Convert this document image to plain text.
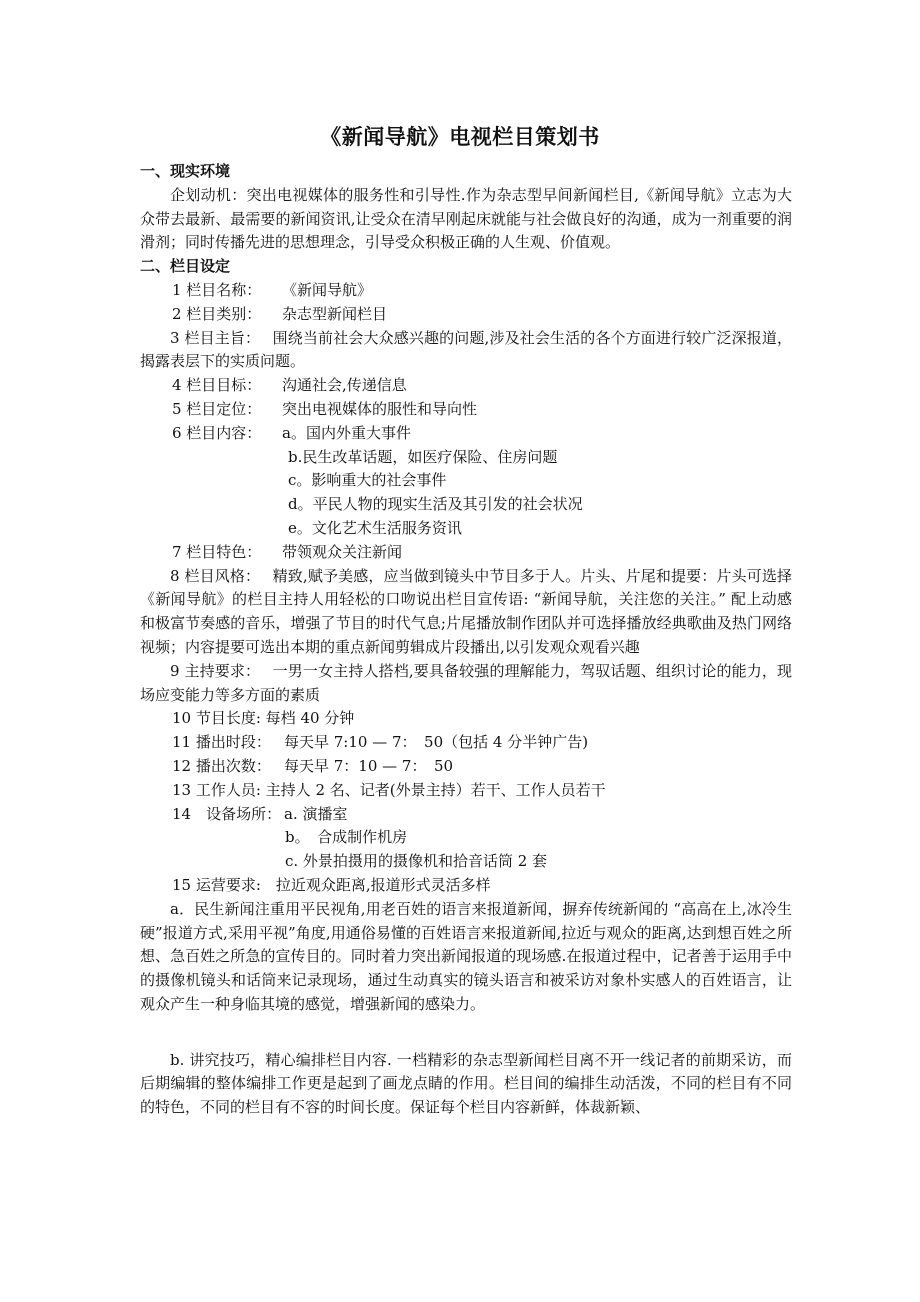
《新闻导航》电视栏目策划书
一、现实环境
企划动机：突出电视媒体的服务性和引导性.作为杂志型早间新闻栏目,《新闻导航》立志为大众带去最新、最需要的新闻资讯,让受众在清早刚起床就能与社会做良好的沟通，成为一剂重要的润滑剂；同时传播先进的思想理念，引导受众积极正确的人生观、价值观。
二、栏目设定
1 栏目名称： 《新闻导航》
2 栏目类别： 杂志型新闻栏目
3 栏目主旨：　 围绕当前社会大众感兴趣的问题,涉及社会生活的各个方面进行较广泛深报道，揭露表层下的实质问题。
4 栏目目标： 沟通社会,传递信息
5 栏目定位： 突出电视媒体的服性和导向性
6 栏目内容： a。国内外重大事件
b.民生改革话题，如医疗保险、住房问题
c。影响重大的社会事件
d。平民人物的现实生活及其引发的社会状况
e。文化艺术生活服务资讯
7 栏目特色： 带领观众关注新闻
8 栏目风格：　 精致,赋予美感，应当做到镜头中节目多于人。片头、片尾和提要：片头可选择《新闻导航》的栏目主持人用轻松的口吻说出栏目宣传语: “新闻导航，关注您的关注。” 配上动感和极富节奏感的音乐，增强了节目的时代气息;片尾播放制作团队并可选择播放经典歌曲及热门网络视频；内容提要可选出本期的重点新闻剪辑成片段播出,以引发观众观看兴趣
9 主持要求：　 一男一女主持人搭档,要具备较强的理解能力，驾驭话题、组织讨论的能力，现场应变能力等多方面的素质
10 节目长度: 每档 40 分钟
11 播出时段： 每天早 7:10 — 7：　50（包括 4 分半钟广告)
12 播出次数： 每天早 7：10 — 7：　50
13 工作人员: 主持人 2 名、记者(外景主持）若干、工作人员若干
14　设备场所： a. 演播室
b。　合成制作机房
c. 外景拍摄用的摄像机和拾音话筒 2 套
15 运营要求:　拉近观众距离,报道形式灵活多样
a．民生新闻注重用平民视角,用老百姓的语言来报道新闻，摒弃传统新闻的 “高高在上,冰冷生硬”报道方式,采用平视”角度,用通俗易懂的百姓语言来报道新闻,拉近与观众的距离,达到想百姓之所想、急百姓之所急的宣传目的。同时着力突出新闻报道的现场感.在报道过程中，记者善于运用手中的摄像机镜头和话筒来记录现场，通过生动真实的镜头语言和被采访对象朴实感人的百姓语言，让观众产生一种身临其境的感觉，增强新闻的感染力。
b. 讲究技巧，精心编排栏目内容. 一档精彩的杂志型新闻栏目离不开一线记者的前期采访，而后期编辑的整体编排工作更是起到了画龙点睛的作用。栏目间的编排生动活泼，不同的栏目有不同的特色，不同的栏目有不容的时间长度。保证每个栏目内容新鲜，体裁新颖、
